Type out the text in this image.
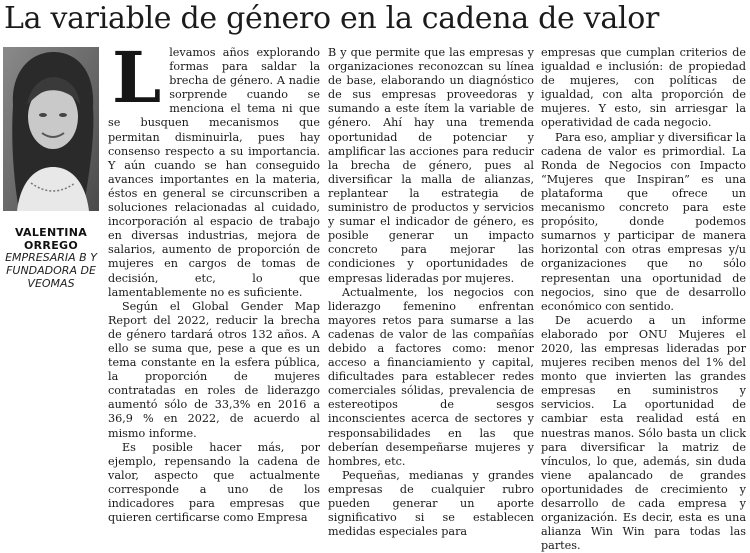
La variable de género en la cadena de valor
VALENTINA ORREGO
EMPRESARIA B Y FUNDADORA DE VEOMAS
L levamos años explorando formas para saldar la brecha de género. A nadie sorprende cuando se menciona el tema ni que se busquen mecanismos que permitan disminuirla, pues hay consenso respecto a su importancia. Y aún cuando se han conseguido avances importantes en la materia, éstos en general se circunscriben a soluciones relacionadas al cuidado, incorporación al espacio de trabajo en diversas industrias, mejora de salarios, aumento de proporción de mujeres en cargos de tomas de decisión, etc, lo que lamentablemente no es suficiente.

Según el Global Gender Map Report del 2022, reducir la brecha de género tardará otros 132 años. A ello se suma que, pese a que es un tema constante en la esfera pública, la proporción de mujeres contratadas en roles de liderazgo aumentó sólo de 33,3% en 2016 a 36,9 % en 2022, de acuerdo al mismo informe.

Es posible hacer más, por ejemplo, repensando la cadena de valor, aspecto que actualmente corresponde a uno de los indicadores para empresas que quieren certificarse como Empresa

B y que permite que las empresas y organizaciones reconozcan su línea de base, elaborando un diagnóstico de sus empresas proveedoras y sumando a este ítem la variable de género. Ahí hay una tremenda oportunidad de potenciar y amplificar las acciones para reducir la brecha de género, pues al diversificar la malla de alianzas, replantear la estrategia de suministro de productos y servicios y sumar el indicador de género, es posible generar un impacto concreto para mejorar las condiciones y oportunidades de empresas lideradas por mujeres.

Actualmente, los negocios con liderazgo femenino enfrentan mayores retos para sumarse a las cadenas de valor de las compañías debido a factores como: menor acceso a financiamiento y capital, dificultades para establecer redes comerciales sólidas, prevalencia de estereotipos de sesgos inconscientes acerca de sectores y responsabilidades en las que deberían desempeñarse mujeres y hombres, etc.

Pequeñas, medianas y grandes empresas de cualquier rubro pueden generar un aporte significativo si se establecen medidas especiales para

empresas que cumplan criterios de igualdad e inclusión: de propiedad de mujeres, con políticas de igualdad, con alta proporción de mujeres. Y esto, sin arriesgar la operatividad de cada negocio.

Para eso, ampliar y diversificar la cadena de valor es primordial. La Ronda de Negocios con Impacto “Mujeres que Inspiran” es una plataforma que ofrece un mecanismo concreto para este propósito, donde podemos sumarnos y participar de manera horizontal con otras empresas y/u organizaciones que no sólo representan una oportunidad de negocios, sino que de desarrollo económico con sentido.

De acuerdo a un informe elaborado por ONU Mujeres el 2020, las empresas lideradas por mujeres reciben menos del 1% del monto que invierten las grandes empresas en suministros y servicios. La oportunidad de cambiar esta realidad está en nuestras manos. Sólo basta un click para diversificar la matriz de vínculos, lo que, además, sin duda viene apalancado de grandes oportunidades de crecimiento y desarrollo de cada empresa y organización. Es decir, esta es una alianza Win Win para todas las partes.
